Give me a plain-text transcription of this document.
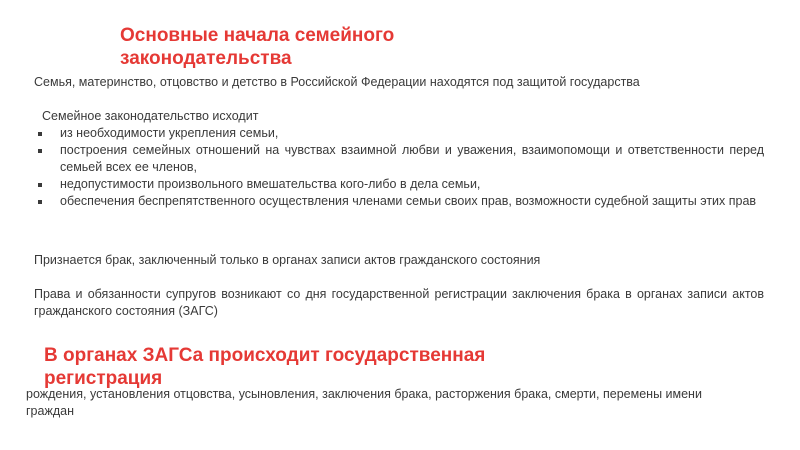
Основные начала семейного законодательства
Семья, материнство, отцовство и детство в Российской Федерации находятся под защитой государства
Семейное законодательство исходит
из необходимости укрепления семьи,
построения семейных отношений на чувствах взаимной любви и уважения, взаимопомощи и ответственности перед семьей всех ее членов,
недопустимости произвольного вмешательства кого-либо в дела семьи,
обеспечения беспрепятственного осуществления членами семьи своих прав, возможности судебной защиты этих прав
Признается брак, заключенный только в органах записи актов гражданского состояния
Права и обязанности супругов возникают со дня государственной регистрации заключения брака в органах записи актов гражданского состояния (ЗАГС)
В органах ЗАГСа происходит государственная регистрация
рождения, установления отцовства, усыновления, заключения брака, расторжения брака, смерти, перемены имени граждан
